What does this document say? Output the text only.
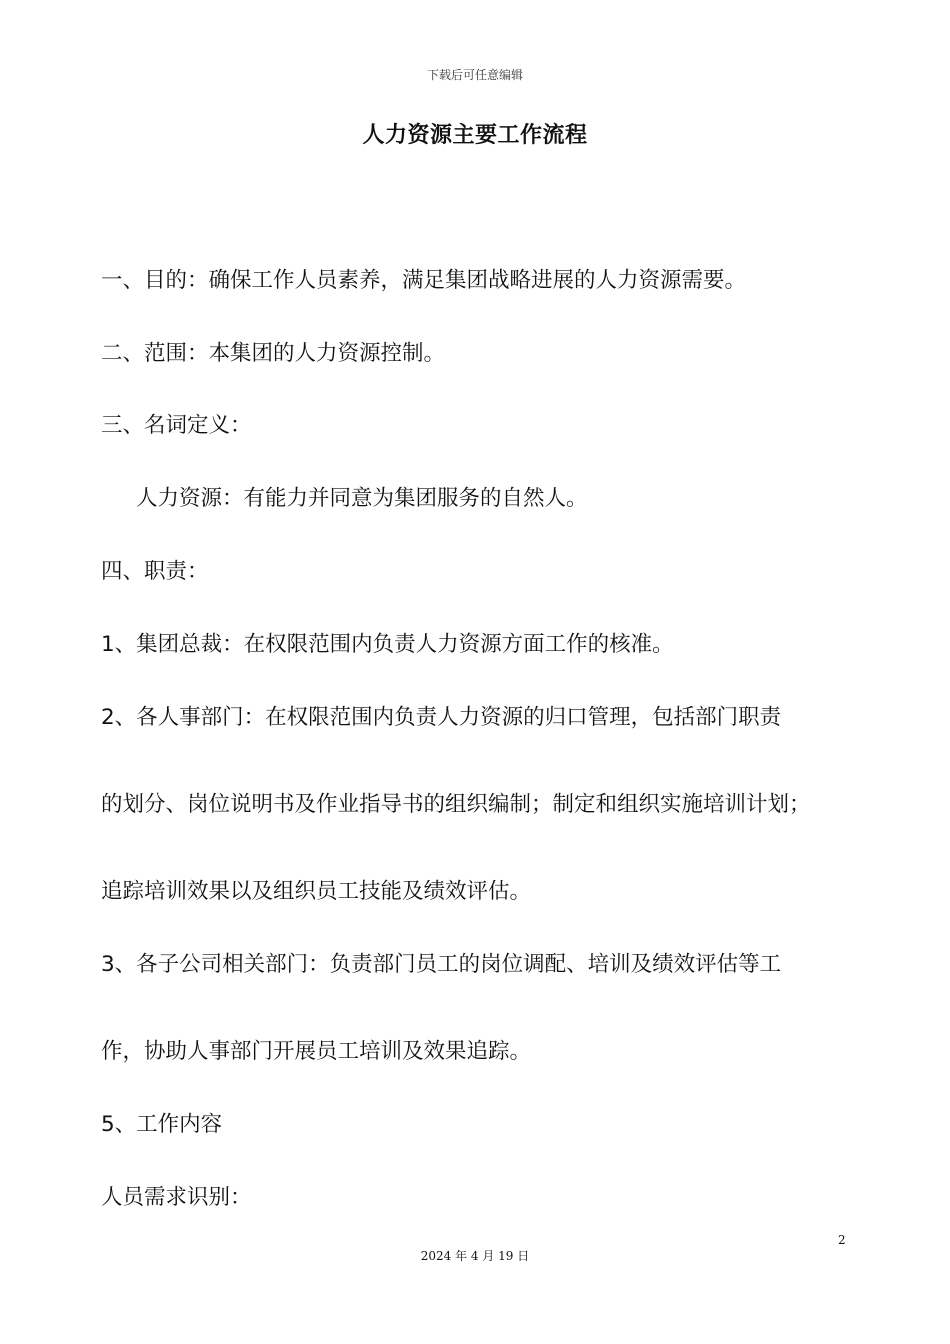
下载后可任意编辑
人力资源主要工作流程
一、目的：确保工作人员素养，满足集团战略进展的人力资源需要。
二、范围：本集团的人力资源控制。
三、名词定义：
人力资源：有能力并同意为集团服务的自然人。
四、职责：
1、集团总裁：在权限范围内负责人力资源方面工作的核准。
2、各人事部门：在权限范围内负责人力资源的归口管理，包括部门职责
的划分、岗位说明书及作业指导书的组织编制；制定和组织实施培训计划；
追踪培训效果以及组织员工技能及绩效评估。
3、各子公司相关部门：负责部门员工的岗位调配、培训及绩效评估等工
作，协助人事部门开展员工培训及效果追踪。
5、工作内容
人员需求识别：
2
2024 年 4 月 19 日
